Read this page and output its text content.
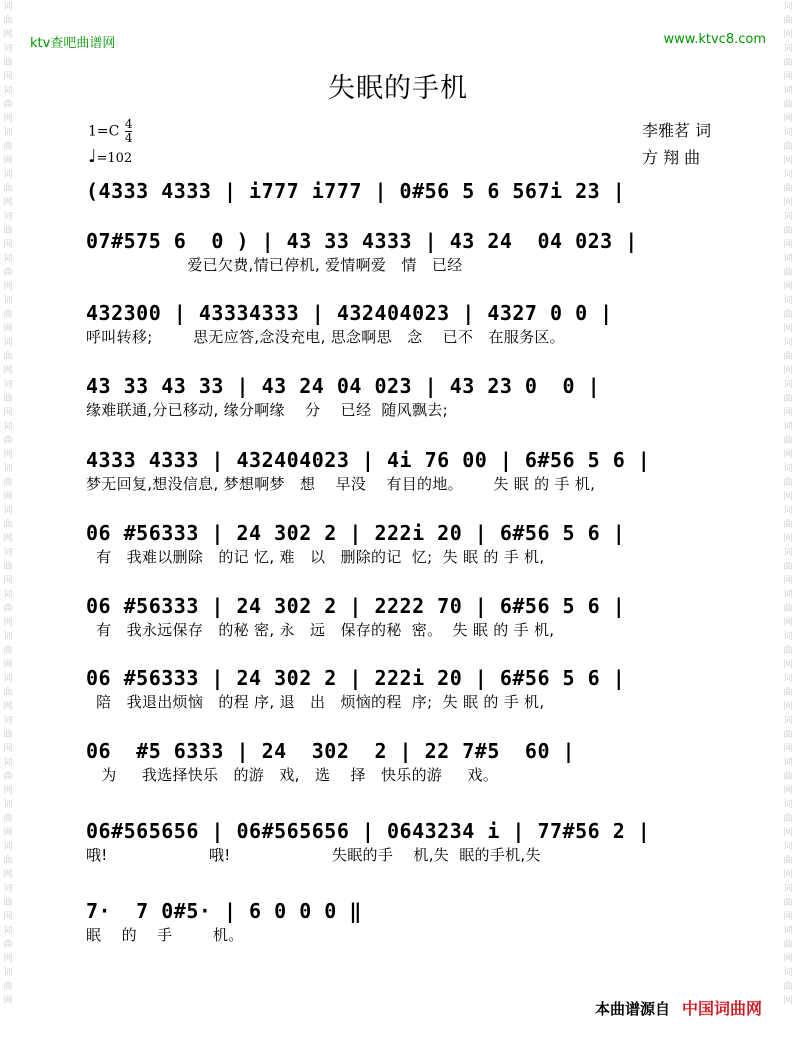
词
曲
网
词
曲
网
词
曲
网
词
曲
网
词
曲
网
词
曲
网
词
曲
网
词
曲
网
词
曲
网
词
曲
网
词
曲
网
词
曲
网
词
曲
网
词
曲
网
词
曲
网
词
曲
网
词
曲
网
词
曲
网
词
曲
网
词
曲
网
词
曲
网
词
曲
网
词
曲
网
词
曲
网
词
曲
网
词
曲
网
词
曲
网
词
曲
网
词
曲
网
词
曲
网
词
曲
网
词
曲
网
词
曲
网
词
曲
网
词
曲
网
词
曲
网
词
曲
网
词
曲
网
词
曲
网
词
曲
网
词
曲
网
词
曲
网
词
曲
网
词
曲
网
词
曲
网
词
曲
网
词
曲
网
词
曲
网
ktv查吧曲谱网	www.ktvc8.com
失眠的手机
$1=C \frac{4}{4}$
♩=102
李雅茗 词
方 翔 曲
(4333 4333 | i777 i777 | 0#56 5 6 567i 23 |
07#575 6  0 ) | 43 33 4333 | 43 24  04 023 |
爱已欠费,情已停机, 爱情啊爱   情   已经
432300 | 43334333 | 432404023 | 4327 0 0 |
呼叫转移;        思无应答,念没充电, 思念啊思   念    已不   在服务区。
43 33 43 33 | 43 24 04 023 | 43 23 0  0 |
缘难联通,分已移动, 缘分啊缘    分    已经  随风飘去;
4333 4333 | 432404023 | 4i 76 00 | 6#56 5 6 |
梦无回复,想没信息, 梦想啊梦   想    早没    有目的地。      失 眠 的 手 机,
06 #56333 | 24 302 2 | 222i 20 | 6#56 5 6 |
有   我难以删除   的记 忆, 难   以   删除的记  忆;  失 眠 的 手 机,
06 #56333 | 24 302 2 | 2222 70 | 6#56 5 6 |
有   我永远保存   的秘 密, 永   远   保存的秘  密。  失 眠 的 手 机,
06 #56333 | 24 302 2 | 222i 20 | 6#56 5 6 |
陪   我退出烦恼   的程 序, 退   出   烦恼的程  序;  失 眠 的 手 机,
06  #5 6333 | 24  302  2 | 22 7#5  60 |
为     我选择快乐   的游   戏,   选    择   快乐的游     戏。
06#565656 | 06#565656 | 0643234 i | 77#56 2 |
哦!                    哦!                    失眠的手    机,失  眠的手机,失
7·  7 0#5· | 6 0 0 0 ‖
眠    的    手        机。
本曲谱源自 中国词曲网
